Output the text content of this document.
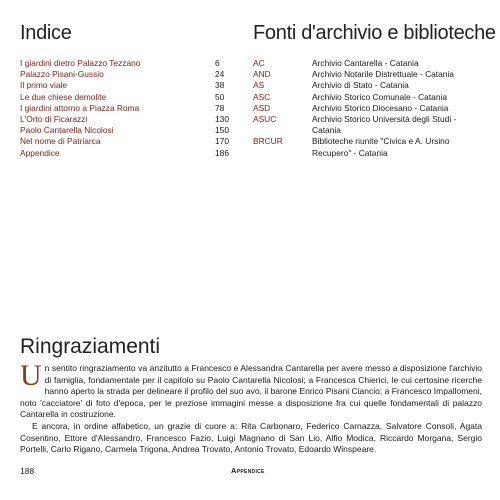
Indice
I giardini dietro Palazzo Tezzano	6
Palazzo Pisani-Gussio	24
Il primo viale	38
Le due chiese demolite	50
I giardini attorno a Piazza Roma	78
L'Orto di Ficarazzi	130
Paolo Cantarella Nicolosi	150
Nel nome di Patriarca	170
Appendice	186
Fonti d'archivio e biblioteche
AC	Archivio Cantarella - Catania
AND	Archivio Notarile Distrettuale - Catania
AS	Archivio di Stato - Catania
ASC	Archivio Storico Comunale - Catania
ASD	Archivio Storico Diocesano - Catania
ASUC	Archivio Storico Università degli Studi - Catania
BRCUR	Biblioteche riunite "Civica e A. Ursino Recupero" - Catania
Ringraziamenti

Un sentito ringraziamento va anzitutto a Francesco e Alessandra Cantarella per avere messo a disposizione l'archivio di famiglia, fondamentale per il capitolo su Paolo Cantarella Nicolosi; a Francesca Chierici, le cui certosine ricerche hanno aperto la strada per delineare il profilo del suo avo, il barone Enrico Pisani Ciancio; a Francesco Impallomeni, noto 'cacciatore' di foto d'epoca, per le preziose immagini messe a disposizione fra cui quelle fondamentali di palazzo Cantarella in costruzione.

E ancora, in ordine alfabetico, un grazie di cuore a: Rita Carbonaro, Federico Carnazza, Salvatore Consoli, Agata Cosentino, Ettore d'Alessandro, Francesco Fazio, Luigi Magnano di San Lio, Alfio Modica, Riccardo Morgana, Sergio Portelli, Carlo Rigano, Carmela Trigona, Andrea Trovato, Antonio Trovato, Edoardo Winspeare.

188	Appendice
